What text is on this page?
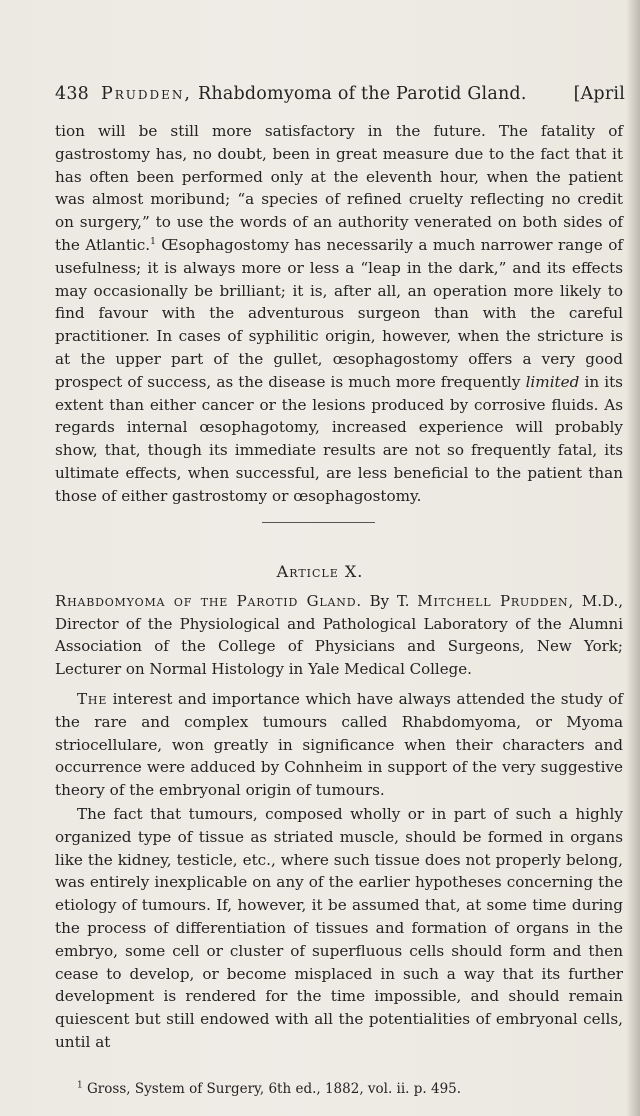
438 Prudden, Rhabdomyoma of the Parotid Gland.	[April

tion will be still more satisfactory in the future. The fatality of gastrostomy has, no doubt, been in great measure due to the fact that it has often been performed only at the eleventh hour, when the patient was almost moribund; “a species of refined cruelty reflecting no credit on surgery,” to use the words of an authority venerated on both sides of the Atlantic.$^1$ Œsophagostomy has necessarily a much narrower range of usefulness; it is always more or less a “leap in the dark,” and its effects may occasionally be brilliant; it is, after all, an operation more likely to find favour with the adventurous surgeon than with the careful practitioner. In cases of syphilitic origin, however, when the stricture is at the upper part of the gullet, œsophagostomy offers a very good prospect of success, as the disease is much more frequently limited in its extent than either cancer or the lesions produced by corrosive fluids. As regards internal œsophagotomy, increased experience will probably show, that, though its immediate results are not so frequently fatal, its ultimate effects, when successful, are less beneficial to the patient than those of either gastrostomy or œsophagostomy.

Article X.

Rhabdomyoma of the Parotid Gland. By T. Mitchell Prudden, M.D., Director of the Physiological and Pathological Laboratory of the Alumni Association of the College of Physicians and Surgeons, New York; Lecturer on Normal Histology in Yale Medical College.

The interest and importance which have always attended the study of the rare and complex tumours called Rhabdomyoma, or Myoma striocellulare, won greatly in significance when their characters and occurrence were adduced by Cohnheim in support of the very suggestive theory of the embryonal origin of tumours.

The fact that tumours, composed wholly or in part of such a highly organized type of tissue as striated muscle, should be formed in organs like the kidney, testicle, etc., where such tissue does not properly belong, was entirely inexplicable on any of the earlier hypotheses concerning the etiology of tumours. If, however, it be assumed that, at some time during the process of differentiation of tissues and formation of organs in the embryo, some cell or cluster of superfluous cells should form and then cease to develop, or become misplaced in such a way that its further development is rendered for the time impossible, and should remain quiescent but still endowed with all the potentialities of embryonal cells, until at

$^1$ Gross, System of Surgery, 6th ed., 1882, vol. ii. p. 495.
